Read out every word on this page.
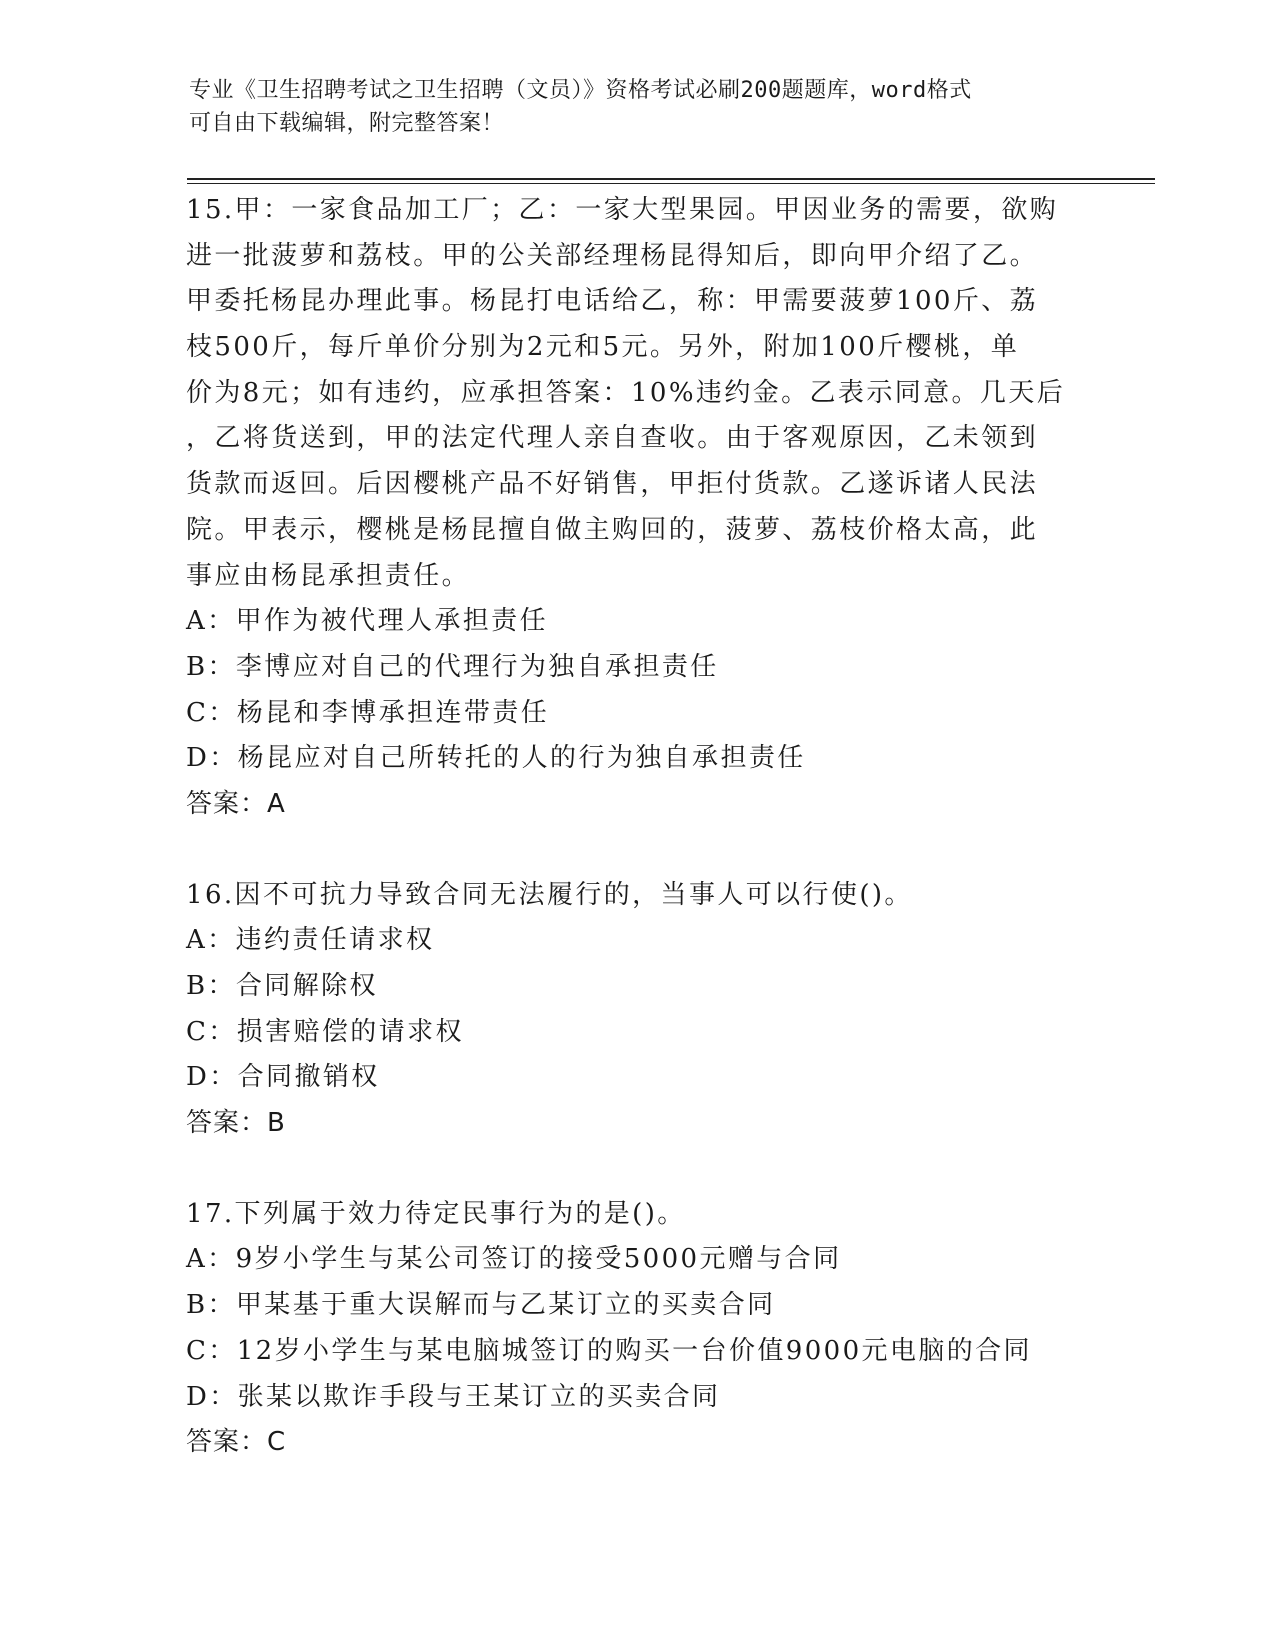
专业《卫生招聘考试之卫生招聘（文员）》资格考试必刷200题题库，word格式
可自由下载编辑，附完整答案！
15.甲：一家食品加工厂；乙：一家大型果园。甲因业务的需要，欲购
进一批菠萝和荔枝。甲的公关部经理杨昆得知后，即向甲介绍了乙。
甲委托杨昆办理此事。杨昆打电话给乙，称：甲需要菠萝100斤、荔
枝500斤，每斤单价分别为2元和5元。另外，附加100斤樱桃，单
价为8元；如有违约，应承担答案：10%违约金。乙表示同意。几天后
，乙将货送到，甲的法定代理人亲自查收。由于客观原因，乙未领到
货款而返回。后因樱桃产品不好销售，甲拒付货款。乙遂诉诸人民法
院。甲表示，樱桃是杨昆擅自做主购回的，菠萝、荔枝价格太高，此
事应由杨昆承担责任。
A：甲作为被代理人承担责任
B：李博应对自己的代理行为独自承担责任
C：杨昆和李博承担连带责任
D：杨昆应对自己所转托的人的行为独自承担责任
答案：A
16.因不可抗力导致合同无法履行的，当事人可以行使()。
A：违约责任请求权
B：合同解除权
C：损害赔偿的请求权
D：合同撤销权
答案：B
17.下列属于效力待定民事行为的是()。
A：9岁小学生与某公司签订的接受5000元赠与合同
B：甲某基于重大误解而与乙某订立的买卖合同
C：12岁小学生与某电脑城签订的购买一台价值9000元电脑的合同
D：张某以欺诈手段与王某订立的买卖合同
答案：C
